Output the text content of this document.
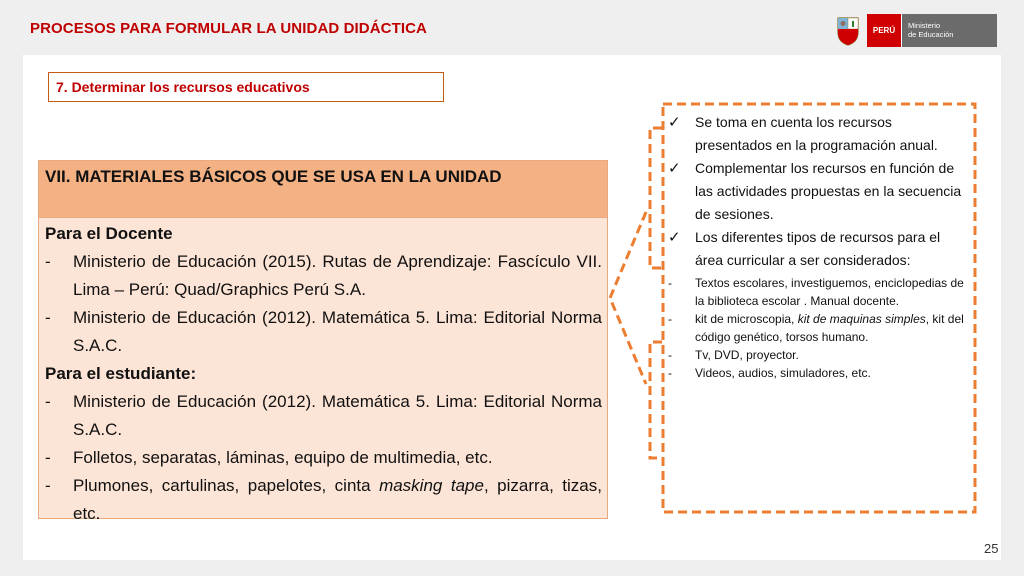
PROCESOS PARA FORMULAR LA UNIDAD DIDÁCTICA	PERÚ
Ministerio
de Educación
7. Determinar los recursos educativos
VII. MATERIALES BÁSICOS QUE SE USA EN LA UNIDAD
Para el Docente
-	Ministerio de Educación (2015). Rutas de Aprendizaje: Fascículo VII. Lima – Perú: Quad/Graphics Perú S.A.
-	Ministerio de Educación (2012). Matemática 5. Lima: Editorial Norma S.A.C.
Para el estudiante:
-	Ministerio de Educación (2012). Matemática 5. Lima: Editorial Norma S.A.C.
-	Folletos, separatas, láminas, equipo de multimedia, etc.
-	Plumones, cartulinas, papelotes, cinta masking tape, pizarra, tizas, etc.
✓	Se toma en cuenta los recursos presentados en la programación anual.
✓	Complementar los recursos en función de las actividades propuestas en la secuencia de sesiones.
✓	Los diferentes tipos de recursos para el área curricular a ser considerados:
-	Textos escolares, investiguemos, enciclopedias de la biblioteca escolar . Manual docente.
-	kit de microscopia, kit de maquinas simples, kit del código genético, torsos humano.
-	Tv, DVD, proyector.
-	Videos, audios, simuladores, etc.
25
